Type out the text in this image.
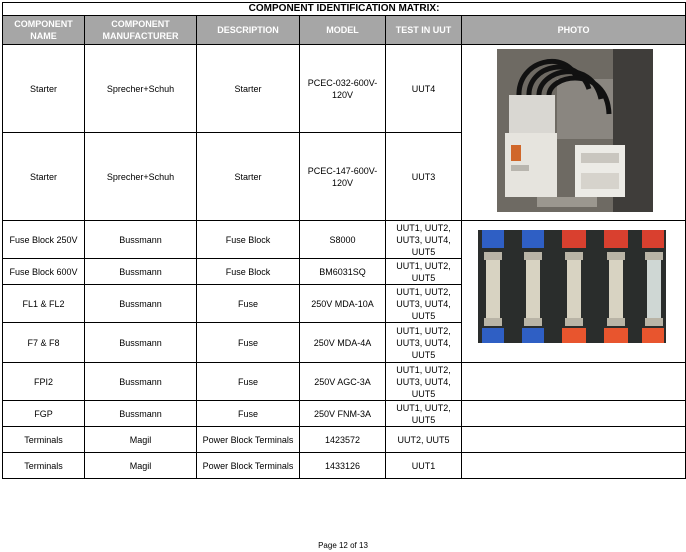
COMPONENT IDENTIFICATION MATRIX:					
COMPONENT NAME	COMPONENT MANUFACTURER	DESCRIPTION	MODEL	TEST IN UUT	PHOTO
Starter	Sprecher+Schuh	Starter	PCEC-032-600V-120V	UUT4	

Starter	Sprecher+Schuh	Starter	PCEC-147-600V-120V	UUT3	
Fuse Block 250V	Bussmann	Fuse Block	S8000	UUT1, UUT2, UUT3, UUT4, UUT5	

Fuse Block 600V	Bussmann	Fuse Block	BM6031SQ	UUT1, UUT2, UUT5	
FL1 & FL2	Bussmann	Fuse	250V MDA-10A	UUT1, UUT2, UUT3, UUT4, UUT5	
F7 & F8	Bussmann	Fuse	250V MDA-4A	UUT1, UUT2, UUT3, UUT4, UUT5	
FPI2	Bussmann	Fuse	250V AGC-3A	UUT1, UUT2, UUT3, UUT4, UUT5	
FGP	Bussmann	Fuse	250V FNM-3A	UUT1, UUT2, UUT5	
Terminals	Magil	Power Block Terminals	1423572	UUT2, UUT5	
Terminals	Magil	Power Block Terminals	1433126	UUT1	
Page 12 of 13
